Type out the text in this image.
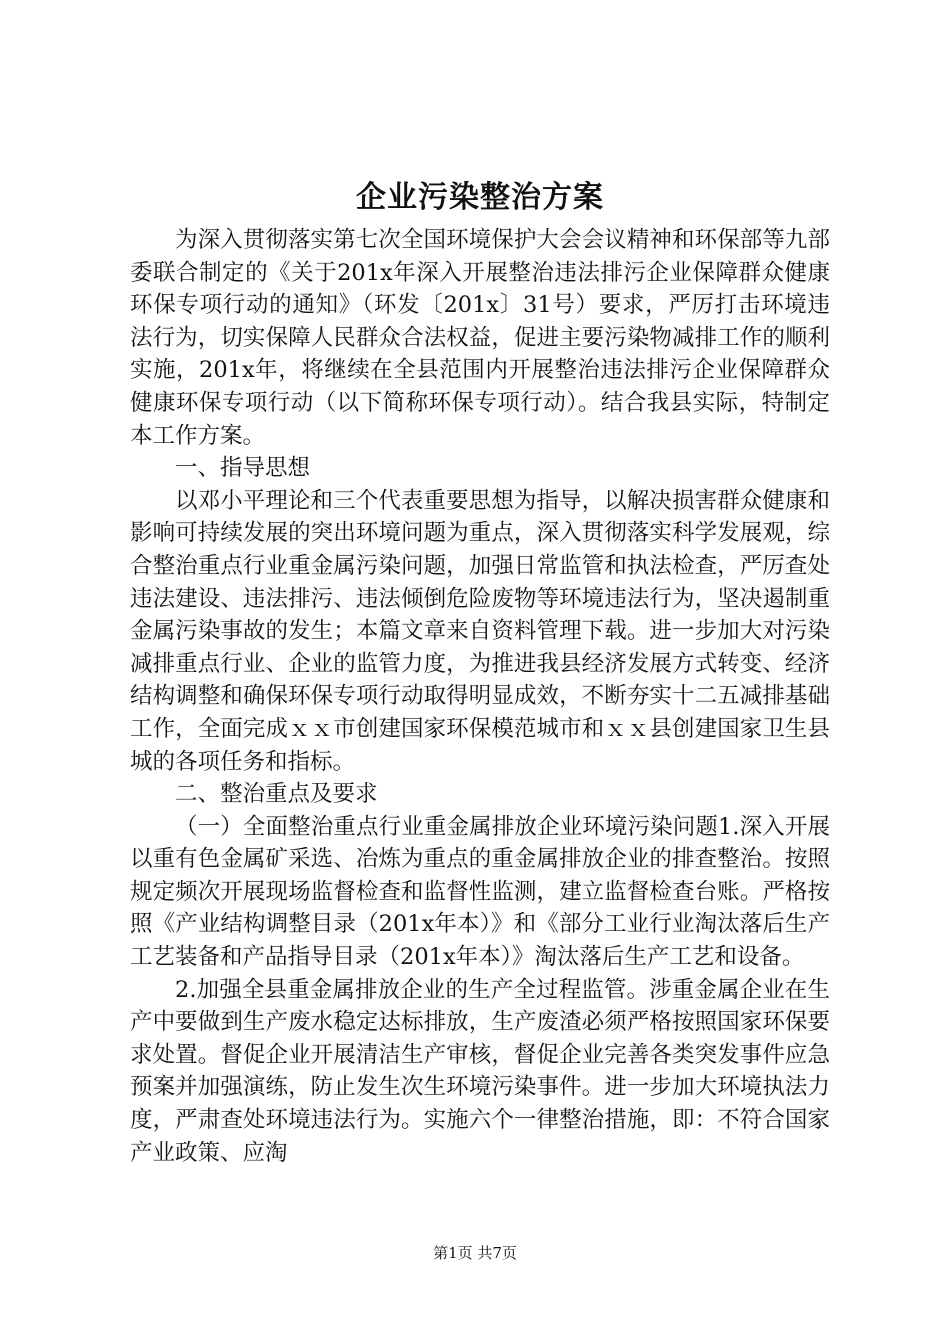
企业污染整治方案

为深入贯彻落实第七次全国环境保护大会会议精神和环保部等九部委联合制定的《关于201x年深入开展整治违法排污企业保障群众健康环保专项行动的通知》（环发〔201x〕31号）要求，严厉打击环境违法行为，切实保障人民群众合法权益，促进主要污染物减排工作的顺利实施，201x年，将继续在全县范围内开展整治违法排污企业保障群众健康环保专项行动（以下简称环保专项行动）。结合我县实际，特制定本工作方案。

一、指导思想

以邓小平理论和三个代表重要思想为指导，以解决损害群众健康和影响可持续发展的突出环境问题为重点，深入贯彻落实科学发展观，综合整治重点行业重金属污染问题，加强日常监管和执法检查，严厉查处违法建设、违法排污、违法倾倒危险废物等环境违法行为，坚决遏制重金属污染事故的发生；本篇文章来自资料管理下载。进一步加大对污染减排重点行业、企业的监管力度，为推进我县经济发展方式转变、经济结构调整和确保环保专项行动取得明显成效，不断夯实十二五减排基础工作，全面完成ｘｘ市创建国家环保模范城市和ｘｘ县创建国家卫生县城的各项任务和指标。

二、整治重点及要求

（一）全面整治重点行业重金属排放企业环境污染问题1.深入开展以重有色金属矿采选、冶炼为重点的重金属排放企业的排查整治。按照规定频次开展现场监督检查和监督性监测，建立监督检查台账。严格按照《产业结构调整目录（201x年本）》和《部分工业行业淘汰落后生产工艺装备和产品指导目录（201x年本）》淘汰落后生产工艺和设备。

2.加强全县重金属排放企业的生产全过程监管。涉重金属企业在生产中要做到生产废水稳定达标排放，生产废渣必须严格按照国家环保要求处置。督促企业开展清洁生产审核，督促企业完善各类突发事件应急预案并加强演练，防止发生次生环境污染事件。进一步加大环境执法力度，严肃查处环境违法行为。实施六个一律整治措施，即：不符合国家产业政策、应淘

第1页 共7页
